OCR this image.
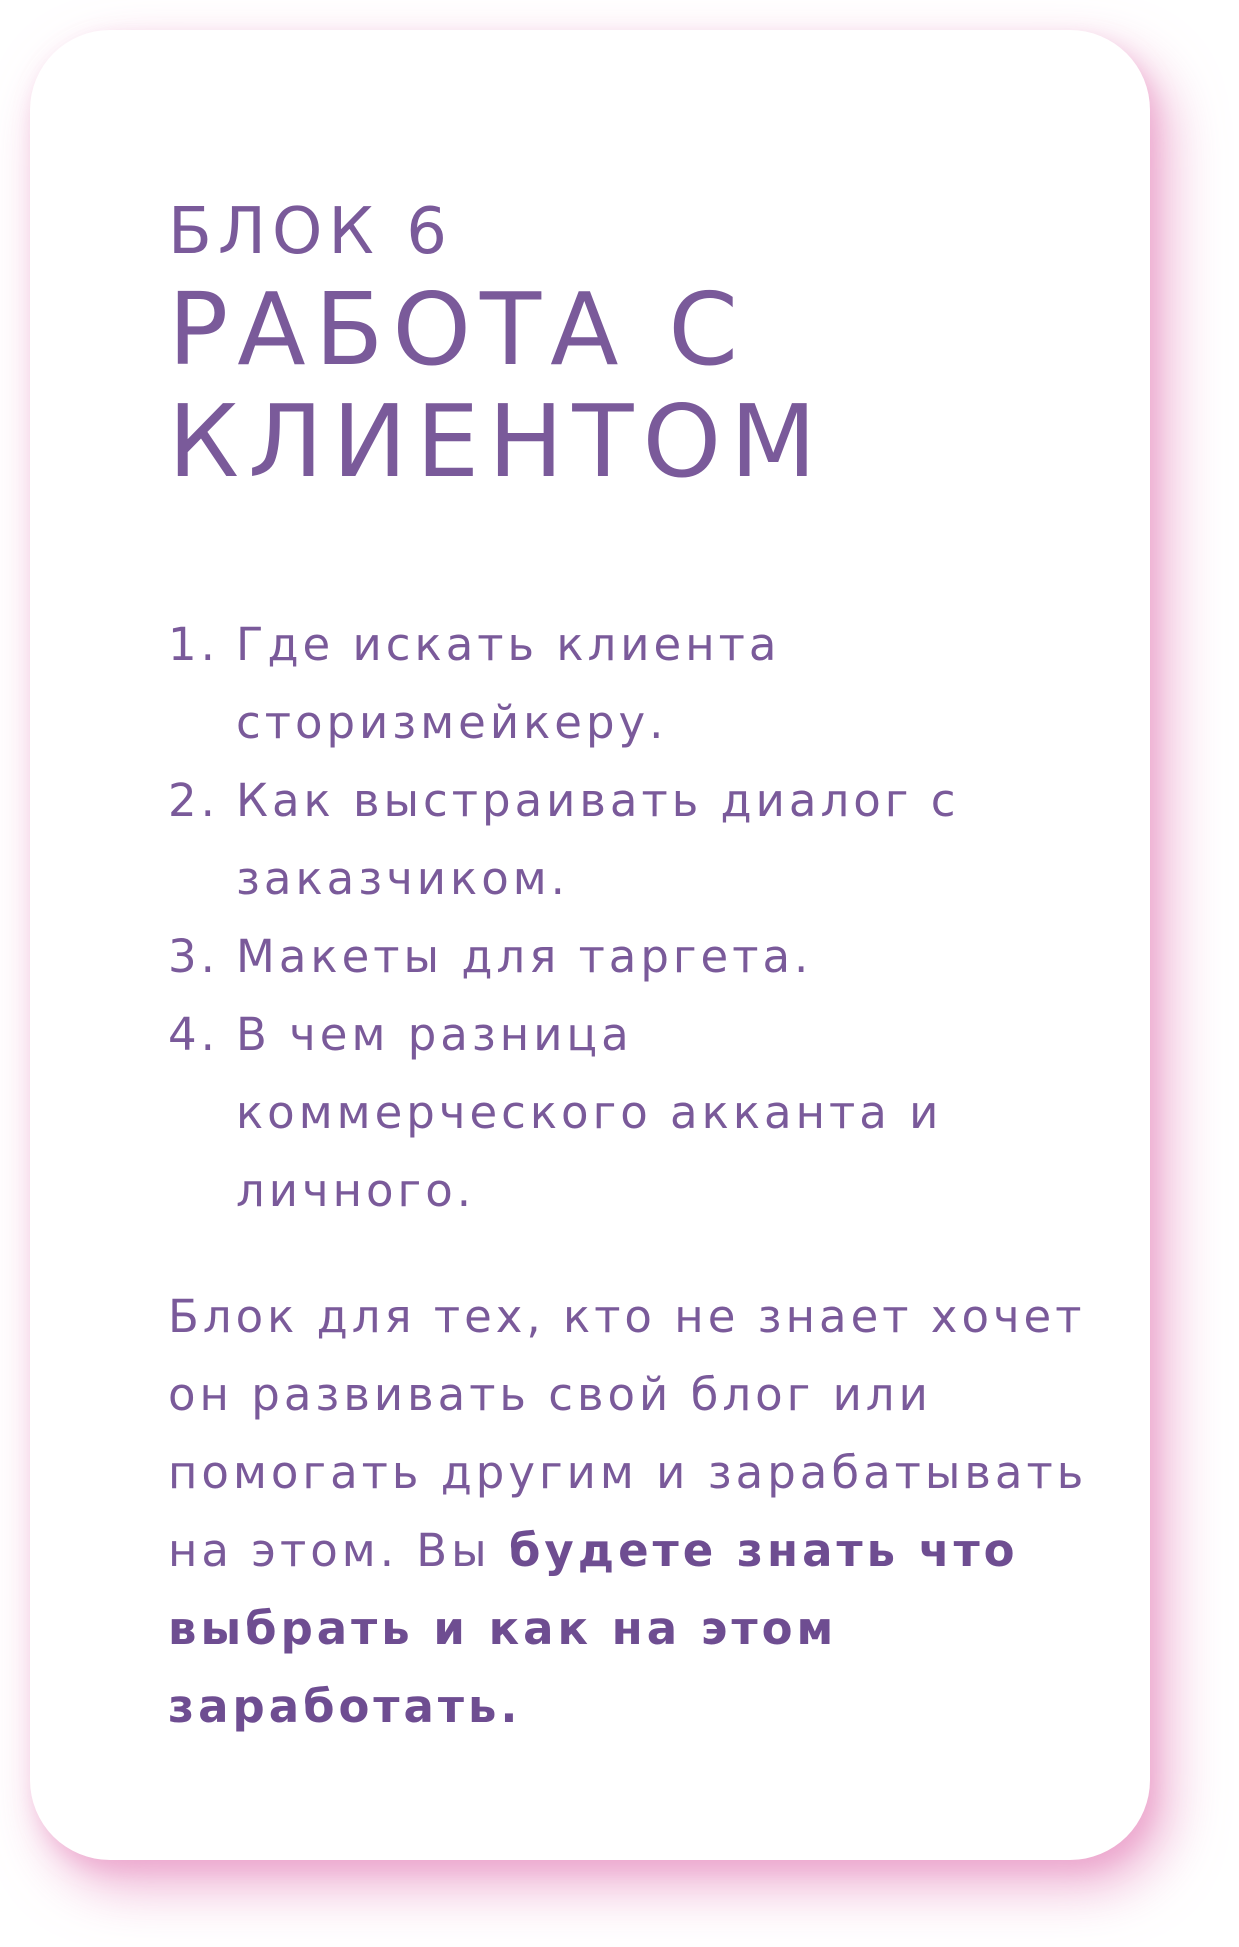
БЛОК 6

РАБОТА С КЛИЕНТОМ
1. Где искать клиента сторизмейкеру.
2. Как выстраивать диалог с заказчиком.
3. Макеты для таргета.
4. В чем разница коммерческого акканта и личного.

Блок для тех, кто не знает хочет он развивать свой блог или помогать другим и зарабатывать на этом. Вы будете знать что выбрать и как на этом заработать.
